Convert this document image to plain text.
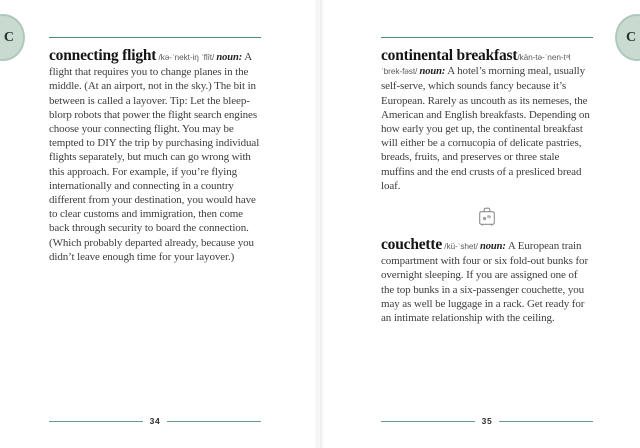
C	C

connecting flight /kə-ˈnekt-iŋ ˈflīt/ noun: A flight that requires you to change planes in the middle. (At an airport, not in the sky.) The bit in between is called a layover. Tip: Let the bleep-blorp robots that power the flight search engines choose your connecting flight. You may be tempted to DIY the trip by purchasing individual flights separately, but much can go wrong with this approach. For example, if you’re flying internationally and connecting in a country different from your destination, you would have to clear customs and immigration, then come back through security to board the connection. (Which probably departed already, because you didn’t leave enough time for your layover.)

continental breakfast/kän-tə-ˈnen-tᵊl ˈbrek-fəst/ noun: A hotel’s morning meal, usually self-serve, which sounds fancy because it’s European. Rarely as uncouth as its nemeses, the American and English breakfasts. Depending on how early you get up, the continental breakfast will either be a cornucopia of delicate pastries, breads, fruits, and preserves or three stale muffins and the end crusts of a presliced bread loaf.

couchette /kü-ˈshet/ noun: A European train compartment with four or six fold-out bunks for overnight sleeping. If you are assigned one of the top bunks in a six-passenger couchette, you may as well be luggage in a rack. Get ready for an intimate relationship with the ceiling.

34	35
